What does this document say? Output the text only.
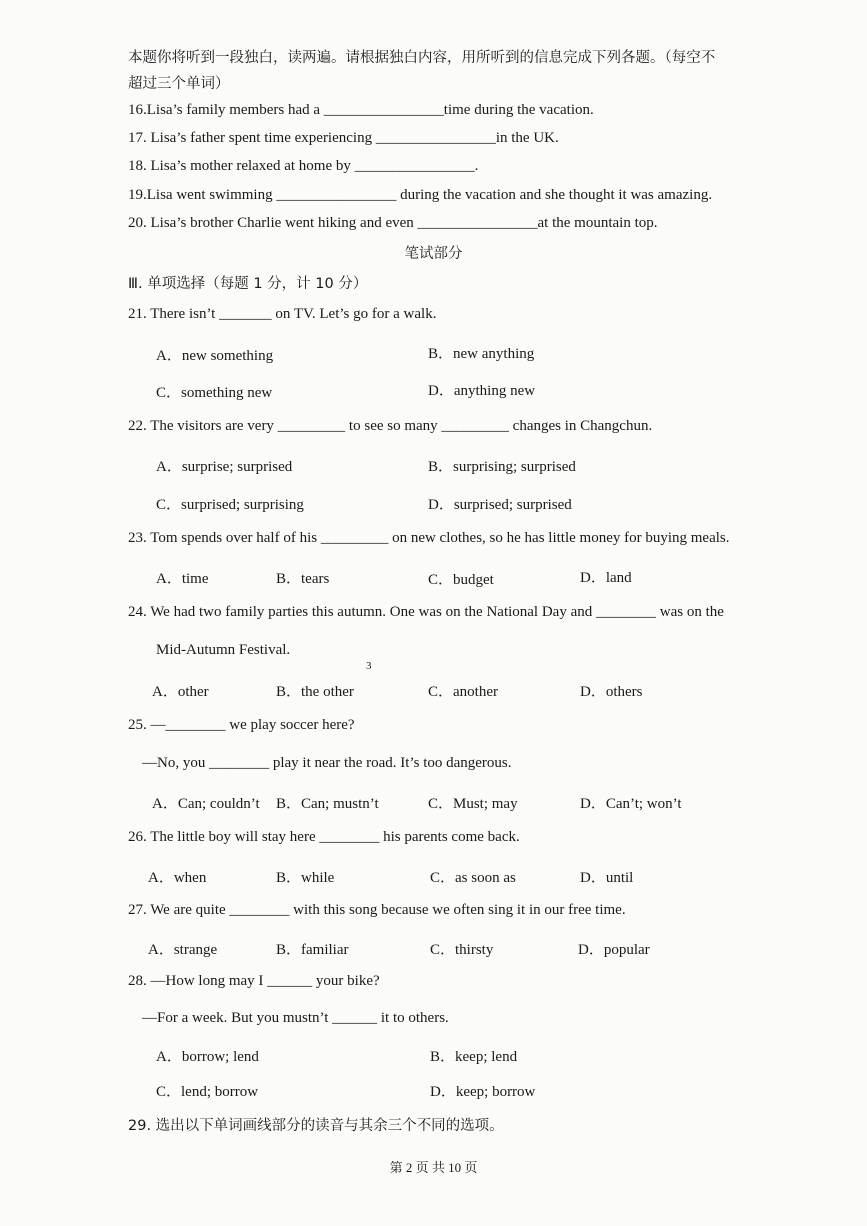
本题你将听到一段独白，读两遍。请根据独白内容，用所听到的信息完成下列各题。（每空不
超过三个单词）
16.Lisa’s family members had a ________________time during the vacation.
17. Lisa’s father spent time experiencing ________________in the UK.
18. Lisa’s mother relaxed at home by ________________.
19.Lisa went swimming ________________ during the vacation and she thought it was amazing.
20. Lisa’s brother Charlie went hiking and even ________________at the mountain top.
笔试部分
Ⅲ. 单项选择（每题 1 分，计 10 分）
21. There isn’t _______ on TV. Let’s go for a walk.
A．new something	B．new anything
C．something new	D．anything new
22. The visitors are very _________ to see so many _________ changes in Changchun.
A．surprise; surprised	B．surprising; surprised
C．surprised; surprising	D．surprised; surprised
23. Tom spends over half of his _________ on new clothes, so he has little money for buying meals.
A．time	B．tears	C．budget	D．land
24. We had two family parties this autumn. One was on the National Day and ________ was on the
Mid-Autumn Festival.
3
A．other	B．the other	C．another	D．others
25. —________ we play soccer here?
—No, you ________ play it near the road. It’s too dangerous.
A．Can; couldn’t B．Can; mustn’t	C．Must; may	D．Can’t; won’t
26. The little boy will stay here ________ his parents come back.
A．when	B．while	C．as soon as	D．until
27. We are quite ________ with this song because we often sing it in our free time.
A．strange	B．familiar	C．thirsty	D．popular
28. —How long may I ______ your bike?
—For a week. But you mustn’t ______ it to others.
A．borrow; lend	B．keep; lend
C．lend; borrow	D．keep; borrow
29. 选出以下单词画线部分的读音与其余三个不同的选项。
第 2 页 共 10 页
